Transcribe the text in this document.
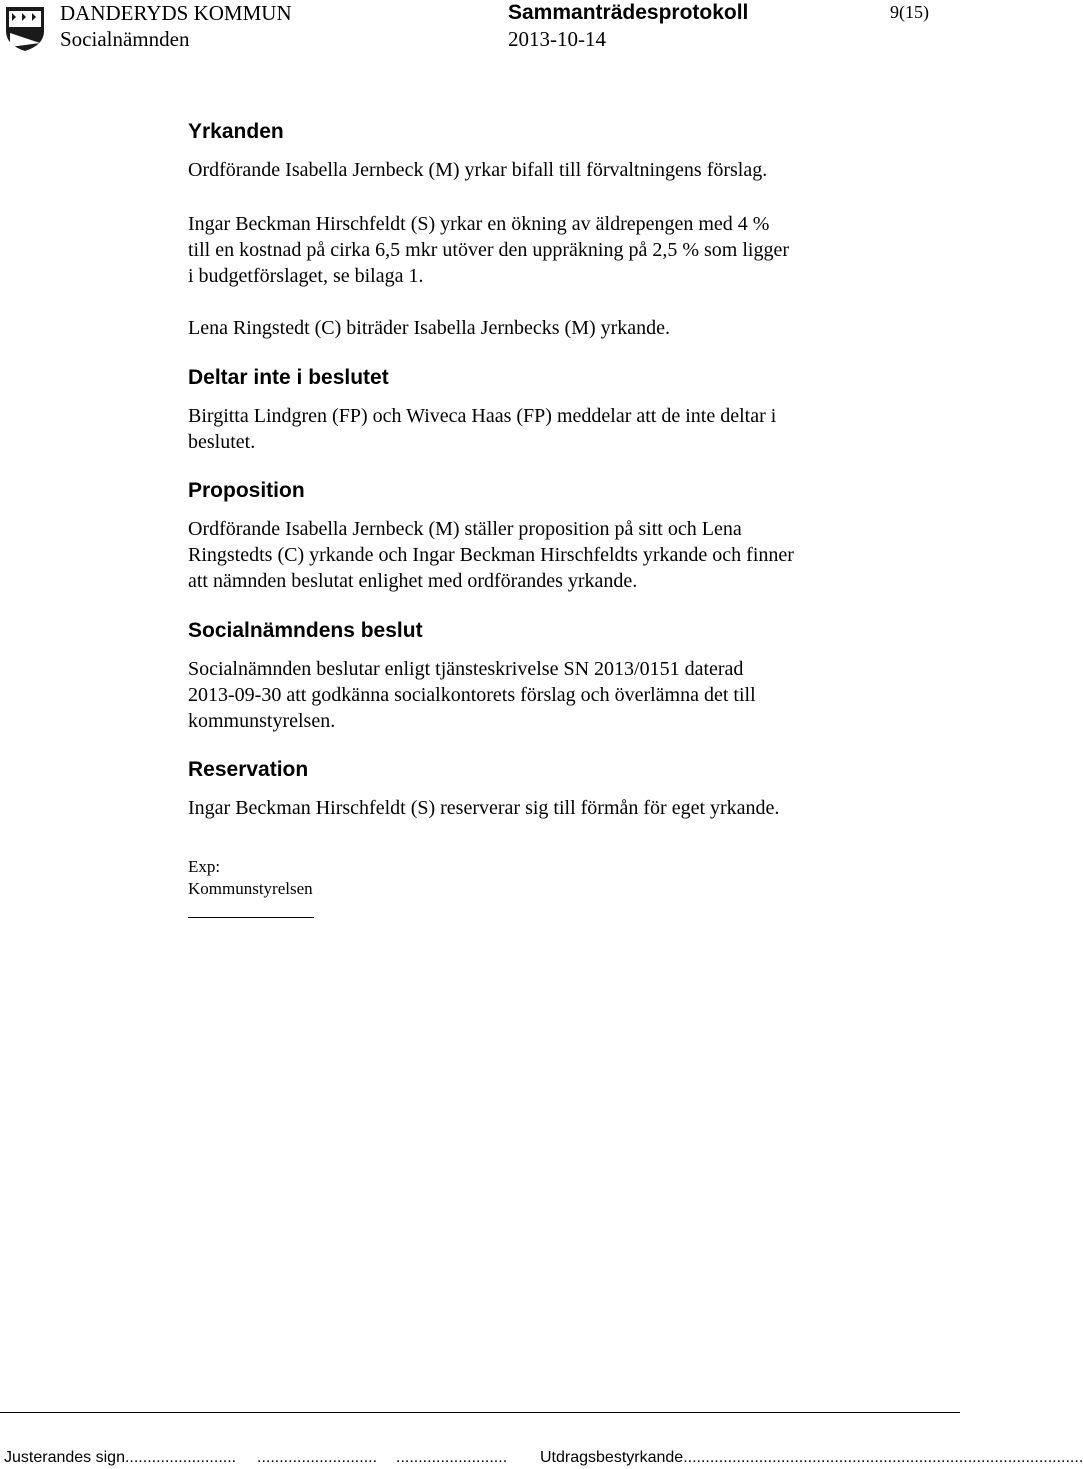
DANDERYDS KOMMUN
Socialnämnden
Sammanträdesprotokoll
2013-10-14
9(15)
Yrkanden
Ordförande Isabella Jernbeck (M) yrkar bifall till förvaltningens förslag.
Ingar Beckman Hirschfeldt (S) yrkar en ökning av äldrepengen med 4 %
till en kostnad på cirka 6,5 mkr utöver den uppräkning på 2,5 % som ligger
i budgetförslaget, se bilaga 1.
Lena Ringstedt (C) biträder Isabella Jernbecks (M) yrkande.
Deltar inte i beslutet
Birgitta Lindgren (FP) och Wiveca Haas (FP) meddelar att de inte deltar i
beslutet.
Proposition
Ordförande Isabella Jernbeck (M) ställer proposition på sitt och Lena
Ringstedts (C) yrkande och Ingar Beckman Hirschfeldts yrkande och finner
att nämnden beslutat enlighet med ordförandes yrkande.
Socialnämndens beslut
Socialnämnden beslutar enligt tjänsteskrivelse SN 2013/0151 daterad
2013-09-30 att godkänna socialkontorets förslag och överlämna det till
kommunstyrelsen.
Reservation
Ingar Beckman Hirschfeldt (S) reserverar sig till förmån för eget yrkande.
Exp:
Kommunstyrelsen
Justerandes sign......................... ........................... ......................... Utdragsbestyrkande..........................................................................................
